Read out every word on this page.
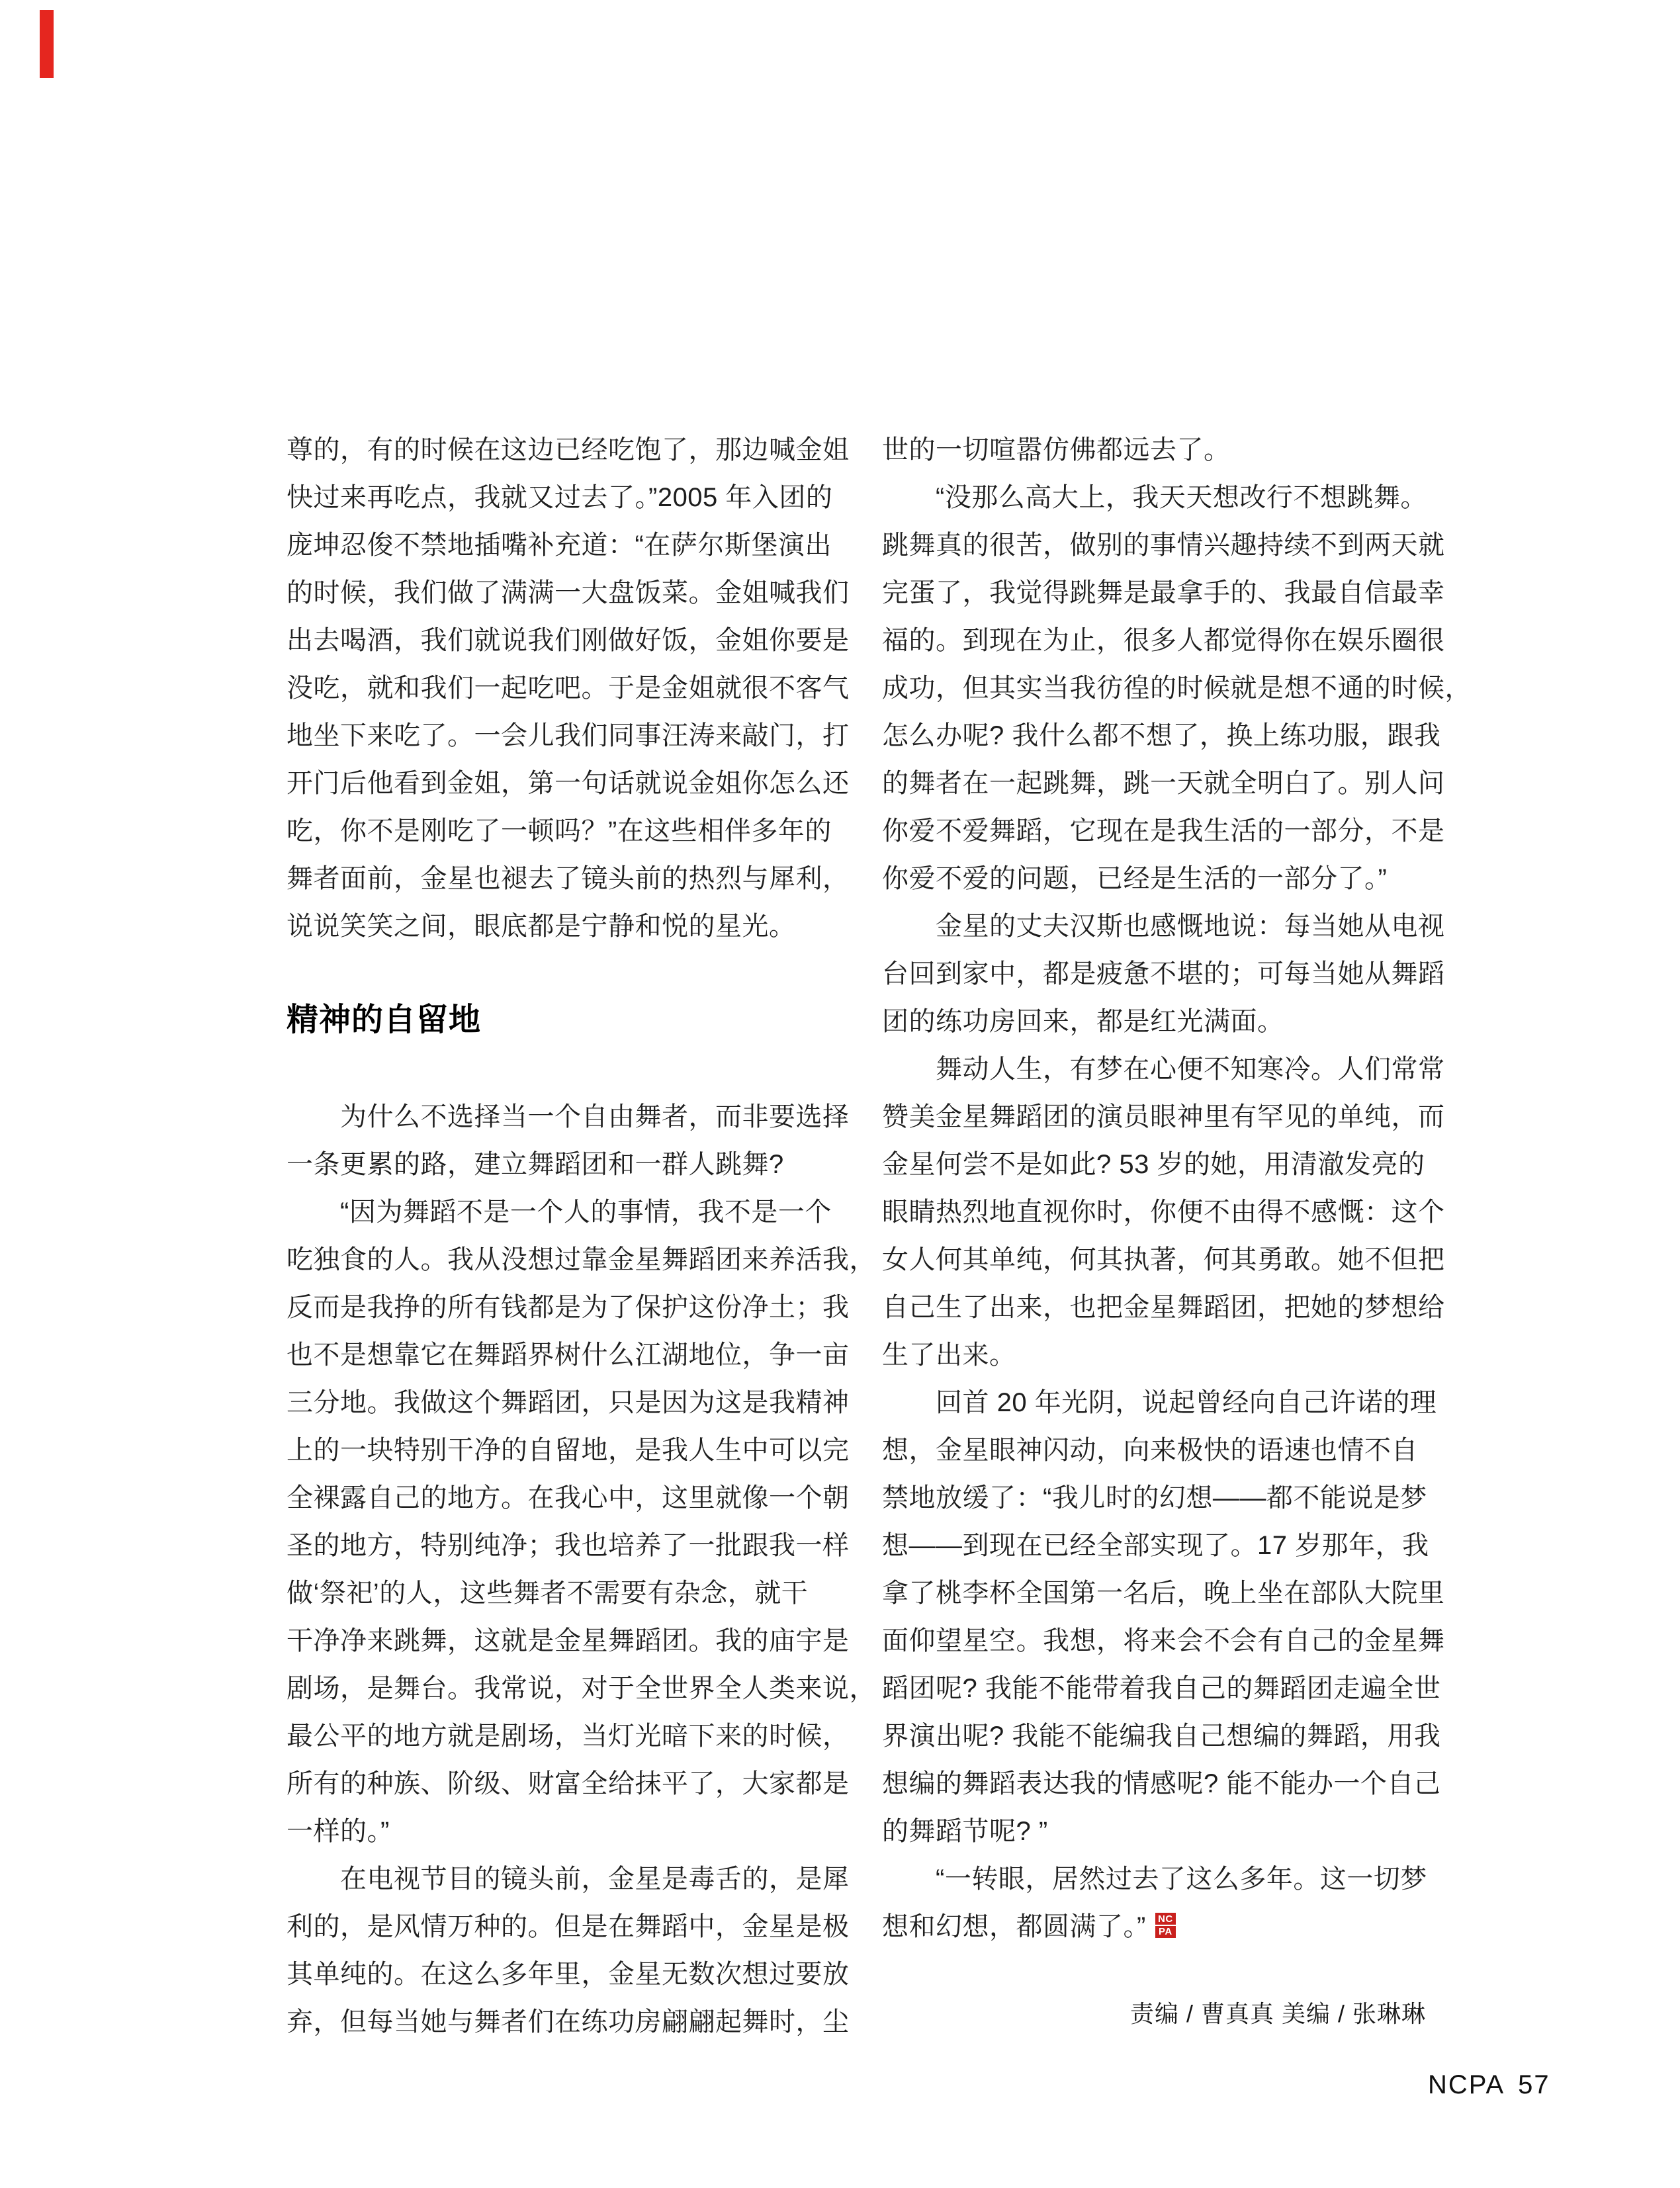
尊的，有的时候在这边已经吃饱了，那边喊金姐

快过来再吃点，我就又过去了。”2005 年入团的

庞坤忍俊不禁地插嘴补充道：“在萨尔斯堡演出

的时候，我们做了满满一大盘饭菜。金姐喊我们

出去喝酒，我们就说我们刚做好饭，金姐你要是

没吃，就和我们一起吃吧。于是金姐就很不客气

地坐下来吃了。一会儿我们同事汪涛来敲门，打

开门后他看到金姐，第一句话就说金姐你怎么还

吃，你不是刚吃了一顿吗？”在这些相伴多年的

舞者面前，金星也褪去了镜头前的热烈与犀利，

说说笑笑之间，眼底都是宁静和悦的星光。

精神的自留地

　　为什么不选择当一个自由舞者，而非要选择

一条更累的路，建立舞蹈团和一群人跳舞?

　　“因为舞蹈不是一个人的事情，我不是一个

吃独食的人。我从没想过靠金星舞蹈团来养活我，

反而是我挣的所有钱都是为了保护这份净土；我

也不是想靠它在舞蹈界树什么江湖地位，争一亩

三分地。我做这个舞蹈团，只是因为这是我精神

上的一块特别干净的自留地，是我人生中可以完

全裸露自己的地方。在我心中，这里就像一个朝

圣的地方，特别纯净；我也培养了一批跟我一样

做‘祭祀’的人，这些舞者不需要有杂念，就干

干净净来跳舞，这就是金星舞蹈团。我的庙宇是

剧场，是舞台。我常说，对于全世界全人类来说，

最公平的地方就是剧场，当灯光暗下来的时候，

所有的种族、阶级、财富全给抹平了，大家都是

一样的。”

　　在电视节目的镜头前，金星是毒舌的，是犀

利的，是风情万种的。但是在舞蹈中，金星是极

其单纯的。在这么多年里，金星无数次想过要放

弃，但每当她与舞者们在练功房翩翩起舞时，尘

世的一切喧嚣仿佛都远去了。

　　“没那么高大上，我天天想改行不想跳舞。

跳舞真的很苦，做别的事情兴趣持续不到两天就

完蛋了，我觉得跳舞是最拿手的、我最自信最幸

福的。到现在为止，很多人都觉得你在娱乐圈很

成功，但其实当我彷徨的时候就是想不通的时候，

怎么办呢? 我什么都不想了，换上练功服，跟我

的舞者在一起跳舞，跳一天就全明白了。别人问

你爱不爱舞蹈，它现在是我生活的一部分，不是

你爱不爱的问题，已经是生活的一部分了。”

　　金星的丈夫汉斯也感慨地说：每当她从电视

台回到家中，都是疲惫不堪的；可每当她从舞蹈

团的练功房回来，都是红光满面。

　　舞动人生，有梦在心便不知寒冷。人们常常

赞美金星舞蹈团的演员眼神里有罕见的单纯，而

金星何尝不是如此? 53 岁的她，用清澈发亮的

眼睛热烈地直视你时，你便不由得不感慨：这个

女人何其单纯，何其执著，何其勇敢。她不但把

自己生了出来，也把金星舞蹈团，把她的梦想给

生了出来。

　　回首 20 年光阴，说起曾经向自己许诺的理

想，金星眼神闪动，向来极快的语速也情不自

禁地放缓了：“我儿时的幻想——都不能说是梦

想——到现在已经全部实现了。17 岁那年，我

拿了桃李杯全国第一名后，晚上坐在部队大院里

面仰望星空。我想，将来会不会有自己的金星舞

蹈团呢? 我能不能带着我自己的舞蹈团走遍全世

界演出呢? 我能不能编我自己想编的舞蹈，用我

想编的舞蹈表达我的情感呢? 能不能办一个自己

的舞蹈节呢? ”

　　“一转眼，居然过去了这么多年。这一切梦

想和幻想，都圆满了。” $\frac{NC}{PA}$

责编 / 曹真真 美编 / 张琳琳

NCPA 57
